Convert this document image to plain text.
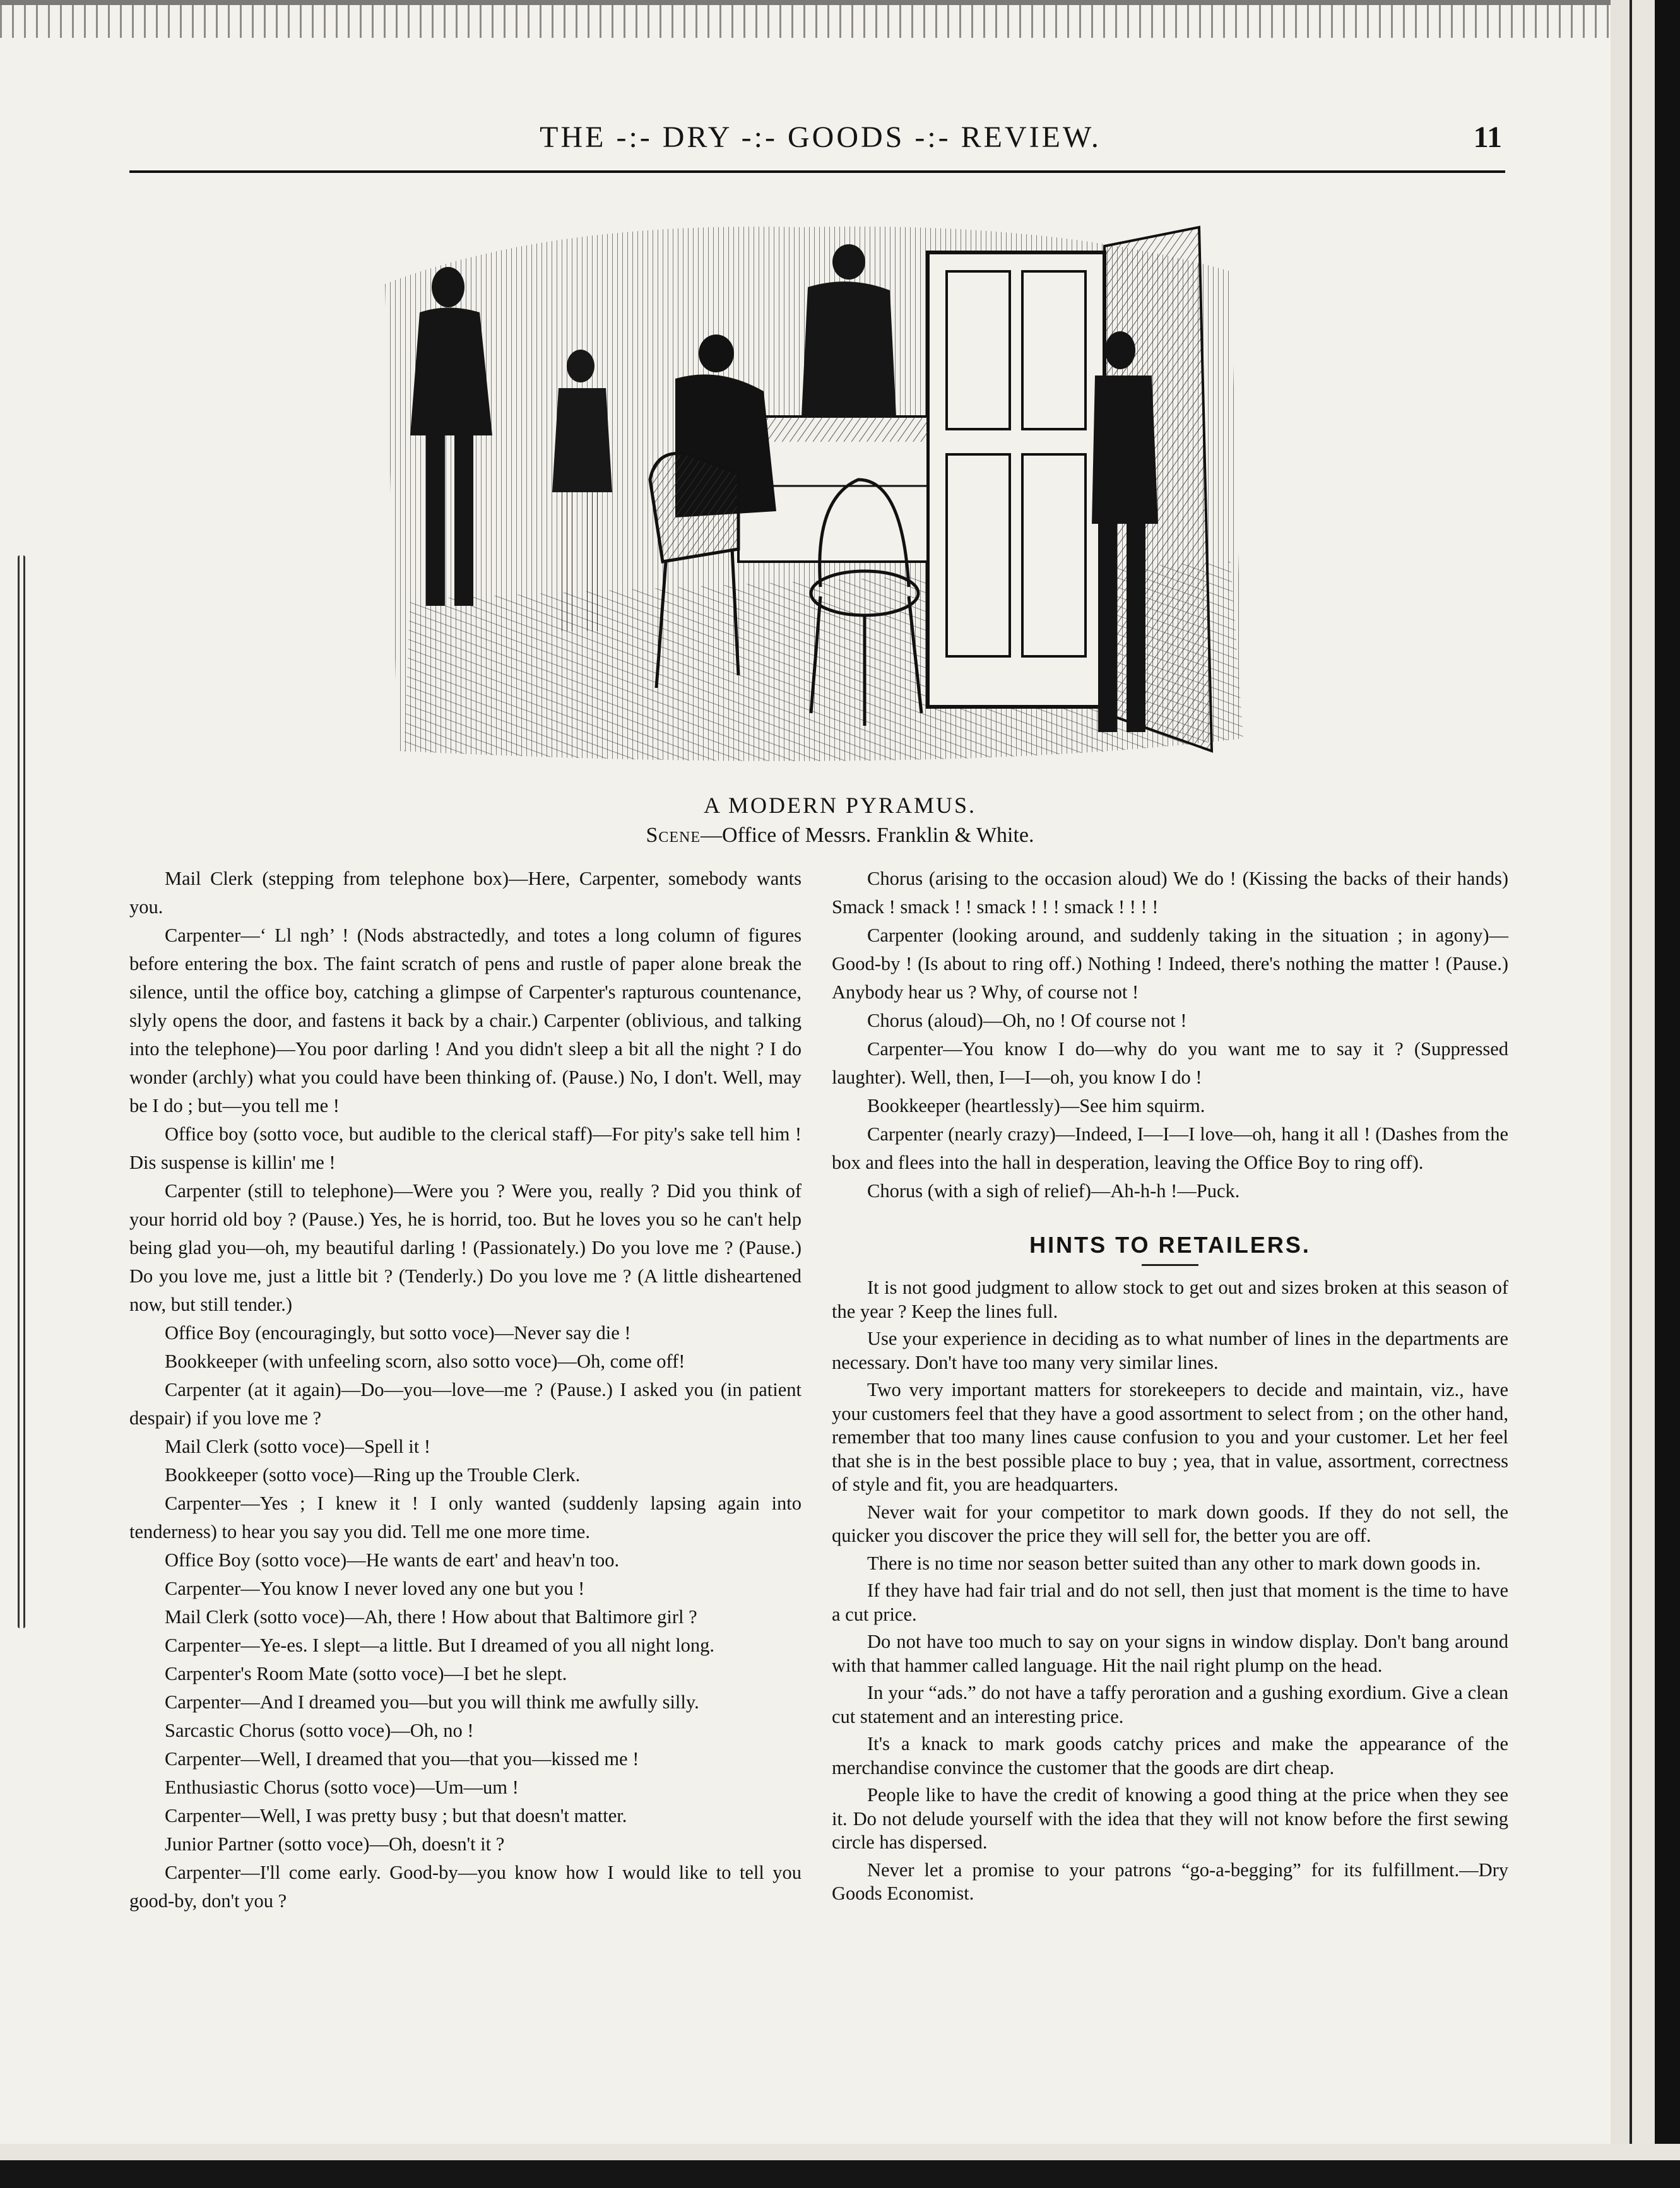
THE -:- DRY -:- GOODS -:- REVIEW.	11
A MODERN PYRAMUS.
Scene—Office of Messrs. Franklin & White.

Mail Clerk (stepping from telephone box)—Here, Carpenter, somebody wants you.

Carpenter—‘ Ll ngh’ ! (Nods abstractedly, and totes a long column of figures before entering the box. The faint scratch of pens and rustle of paper alone break the silence, until the office boy, catching a glimpse of Carpenter's rapturous countenance, slyly opens the door, and fastens it back by a chair.) Carpenter (oblivious, and talking into the telephone)—You poor darling ! And you didn't sleep a bit all the night ? I do wonder (archly) what you could have been thinking of. (Pause.) No, I don't. Well, may be I do ; but—you tell me !

Office boy (sotto voce, but audible to the clerical staff)—For pity's sake tell him ! Dis suspense is killin' me !

Carpenter (still to telephone)—Were you ? Were you, really ? Did you think of your horrid old boy ? (Pause.) Yes, he is horrid, too. But he loves you so he can't help being glad you—oh, my beautiful darling ! (Passionately.) Do you love me ? (Pause.) Do you love me, just a little bit ? (Tenderly.) Do you love me ? (A little disheartened now, but still tender.)

Office Boy (encouragingly, but sotto voce)—Never say die !

Bookkeeper (with unfeeling scorn, also sotto voce)—Oh, come off!

Carpenter (at it again)—Do—you—love—me ? (Pause.) I asked you (in patient despair) if you love me ?

Mail Clerk (sotto voce)—Spell it !

Bookkeeper (sotto voce)—Ring up the Trouble Clerk.

Carpenter—Yes ; I knew it ! I only wanted (suddenly lapsing again into tenderness) to hear you say you did. Tell me one more time.

Office Boy (sotto voce)—He wants de eart' and heav'n too.

Carpenter—You know I never loved any one but you !

Mail Clerk (sotto voce)—Ah, there ! How about that Baltimore girl ?

Carpenter—Ye-es. I slept—a little. But I dreamed of you all night long.

Carpenter's Room Mate (sotto voce)—I bet he slept.

Carpenter—And I dreamed you—but you will think me awfully silly.

Sarcastic Chorus (sotto voce)—Oh, no !

Carpenter—Well, I dreamed that you—that you—kissed me !

Enthusiastic Chorus (sotto voce)—Um—um !

Carpenter—Well, I was pretty busy ; but that doesn't matter.

Junior Partner (sotto voce)—Oh, doesn't it ?

Carpenter—I'll come early. Good-by—you know how I would like to tell you good-by, don't you ?

Chorus (arising to the occasion aloud) We do ! (Kissing the backs of their hands) Smack ! smack ! ! smack ! ! ! smack ! ! ! !

Carpenter (looking around, and suddenly taking in the situation ; in agony)—Good-by ! (Is about to ring off.) Nothing ! Indeed, there's nothing the matter ! (Pause.) Anybody hear us ? Why, of course not !

Chorus (aloud)—Oh, no ! Of course not !

Carpenter—You know I do—why do you want me to say it ? (Suppressed laughter). Well, then, I—I—oh, you know I do !

Bookkeeper (heartlessly)—See him squirm.

Carpenter (nearly crazy)—Indeed, I—I—I love—oh, hang it all ! (Dashes from the box and flees into the hall in desperation, leaving the Office Boy to ring off).

Chorus (with a sigh of relief)—Ah-h-h !—Puck.

HINTS TO RETAILERS.

It is not good judgment to allow stock to get out and sizes broken at this season of the year ? Keep the lines full.

Use your experience in deciding as to what number of lines in the departments are necessary. Don't have too many very similar lines.

Two very important matters for storekeepers to decide and maintain, viz., have your customers feel that they have a good assortment to select from ; on the other hand, remember that too many lines cause confusion to you and your customer. Let her feel that she is in the best possible place to buy ; yea, that in value, assortment, correctness of style and fit, you are headquarters.

Never wait for your competitor to mark down goods. If they do not sell, the quicker you discover the price they will sell for, the better you are off.

There is no time nor season better suited than any other to mark down goods in.

If they have had fair trial and do not sell, then just that moment is the time to have a cut price.

Do not have too much to say on your signs in window display. Don't bang around with that hammer called language. Hit the nail right plump on the head.

In your “ads.” do not have a taffy peroration and a gushing exordium. Give a clean cut statement and an interesting price.

It's a knack to mark goods catchy prices and make the appearance of the merchandise convince the customer that the goods are dirt cheap.

People like to have the credit of knowing a good thing at the price when they see it. Do not delude yourself with the idea that they will not know before the first sewing circle has dispersed.

Never let a promise to your patrons “go-a-begging” for its fulfillment.—Dry Goods Economist.
